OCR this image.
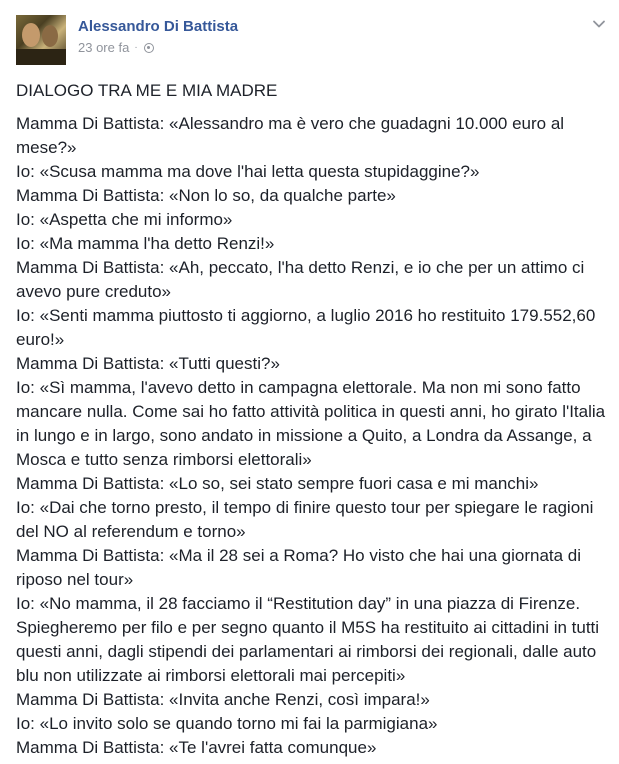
Alessandro Di Battista
23 ore fa ·
DIALOGO TRA ME E MIA MADRE

Mamma Di Battista: «Alessandro ma è vero che guadagni 10.000 euro al mese?»

Io: «Scusa mamma ma dove l'hai letta questa stupidaggine?»

Mamma Di Battista: «Non lo so, da qualche parte»

Io: «Aspetta che mi informo»

Io: «Ma mamma l'ha detto Renzi!»

Mamma Di Battista: «Ah, peccato, l'ha detto Renzi, e io che per un attimo ci avevo pure creduto»

Io: «Senti mamma piuttosto ti aggiorno, a luglio 2016 ho restituito 179.552,60 euro!»

Mamma Di Battista: «Tutti questi?»

Io: «Sì mamma, l'avevo detto in campagna elettorale. Ma non mi sono fatto mancare nulla. Come sai ho fatto attività politica in questi anni, ho girato l'Italia in lungo e in largo, sono andato in missione a Quito, a Londra da Assange, a Mosca e tutto senza rimborsi elettorali»

Mamma Di Battista: «Lo so, sei stato sempre fuori casa e mi manchi»

Io: «Dai che torno presto, il tempo di finire questo tour per spiegare le ragioni del NO al referendum e torno»

Mamma Di Battista: «Ma il 28 sei a Roma? Ho visto che hai una giornata di riposo nel tour»

Io: «No mamma, il 28 facciamo il “Restitution day” in una piazza di Firenze. Spiegheremo per filo e per segno quanto il M5S ha restituito ai cittadini in tutti questi anni, dagli stipendi dei parlamentari ai rimborsi dei regionali, dalle auto blu non utilizzate ai rimborsi elettorali mai percepiti»

Mamma Di Battista: «Invita anche Renzi, così impara!»

Io: «Lo invito solo se quando torno mi fai la parmigiana»

Mamma Di Battista: «Te l'avrei fatta comunque»
